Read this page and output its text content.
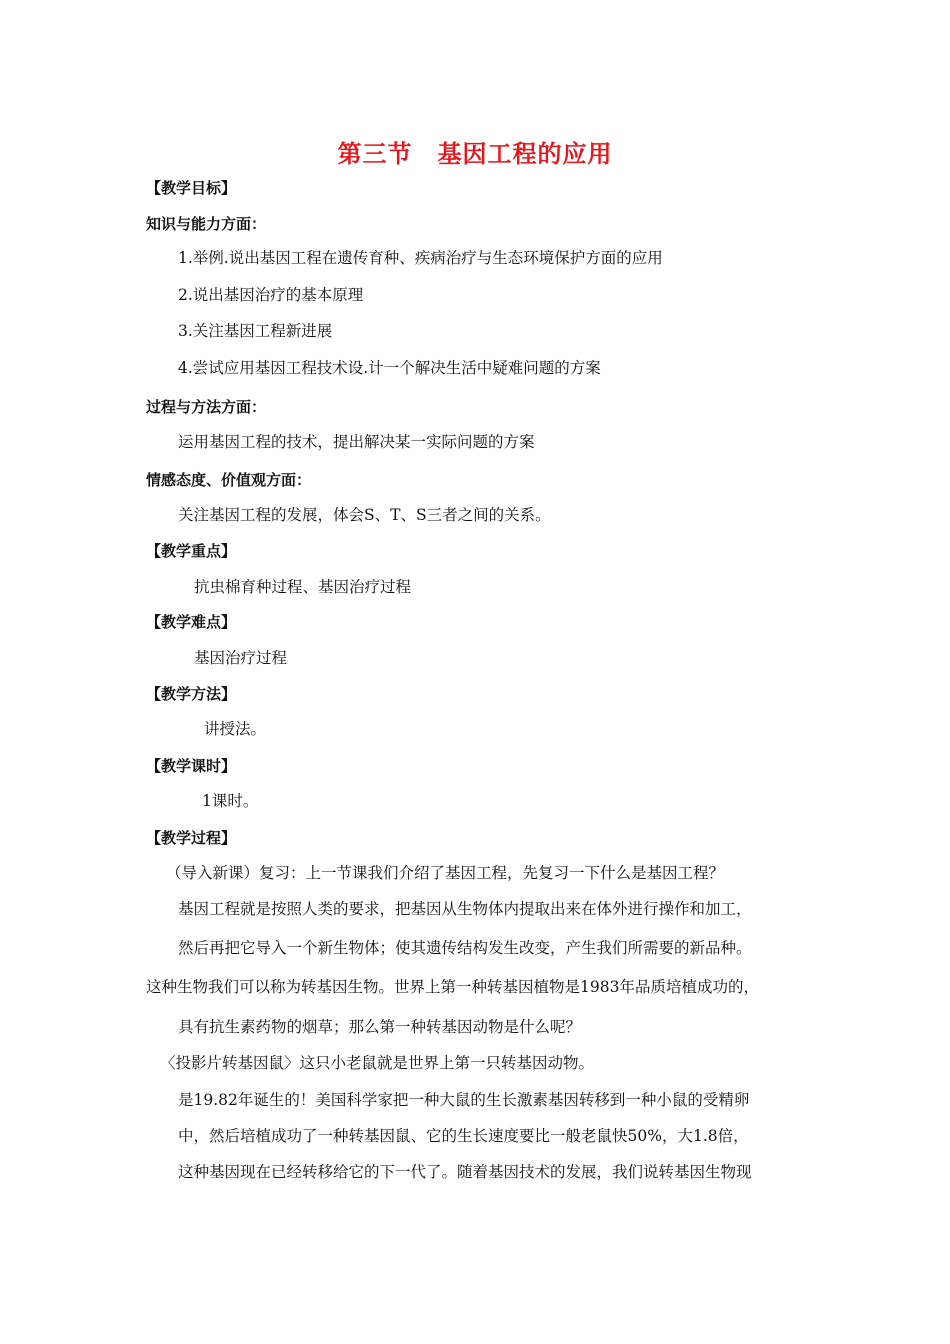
第三节　基因工程的应用
【教学目标】
知识与能力方面：
1.举例.说出基因工程在遗传育种、疾病治疗与生态环境保护方面的应用
2.说出基因治疗的基本原理
3.关注基因工程新进展
4.尝试应用基因工程技术设.计一个解决生活中疑难问题的方案
过程与方法方面：
运用基因工程的技术，提出解决某一实际问题的方案
情感态度、价值观方面：
关注基因工程的发展，体会S、T、S三者之间的关系。
【教学重点】
抗虫棉育种过程、基因治疗过程
【教学难点】
基因治疗过程
【教学方法】
讲授法。
【教学课时】
1课时。
【教学过程】
（导入新课）复习：上一节课我们介绍了基因工程，先复习一下什么是基因工程？
基因工程就是按照人类的要求，把基因从生物体内提取出来在体外进行操作和加工，
然后再把它导入一个新生物体；使其遗传结构发生改变，产生我们所需要的新品种。
这种生物我们可以称为转基因生物。世界上第一种转基因植物是1983年品质培植成功的，
具有抗生素药物的烟草；那么第一种转基因动物是什么呢？
〈投影片转基因鼠〉这只小老鼠就是世界上第一只转基因动物。
是19.82年诞生的！美国科学家把一种大鼠的生长激素基因转移到一种小鼠的受精卵
中，然后培植成功了一种转基因鼠、它的生长速度要比一般老鼠快50%，大1.8倍，
这种基因现在已经转移给它的下一代了。随着基因技术的发展，我们说转基因生物现
